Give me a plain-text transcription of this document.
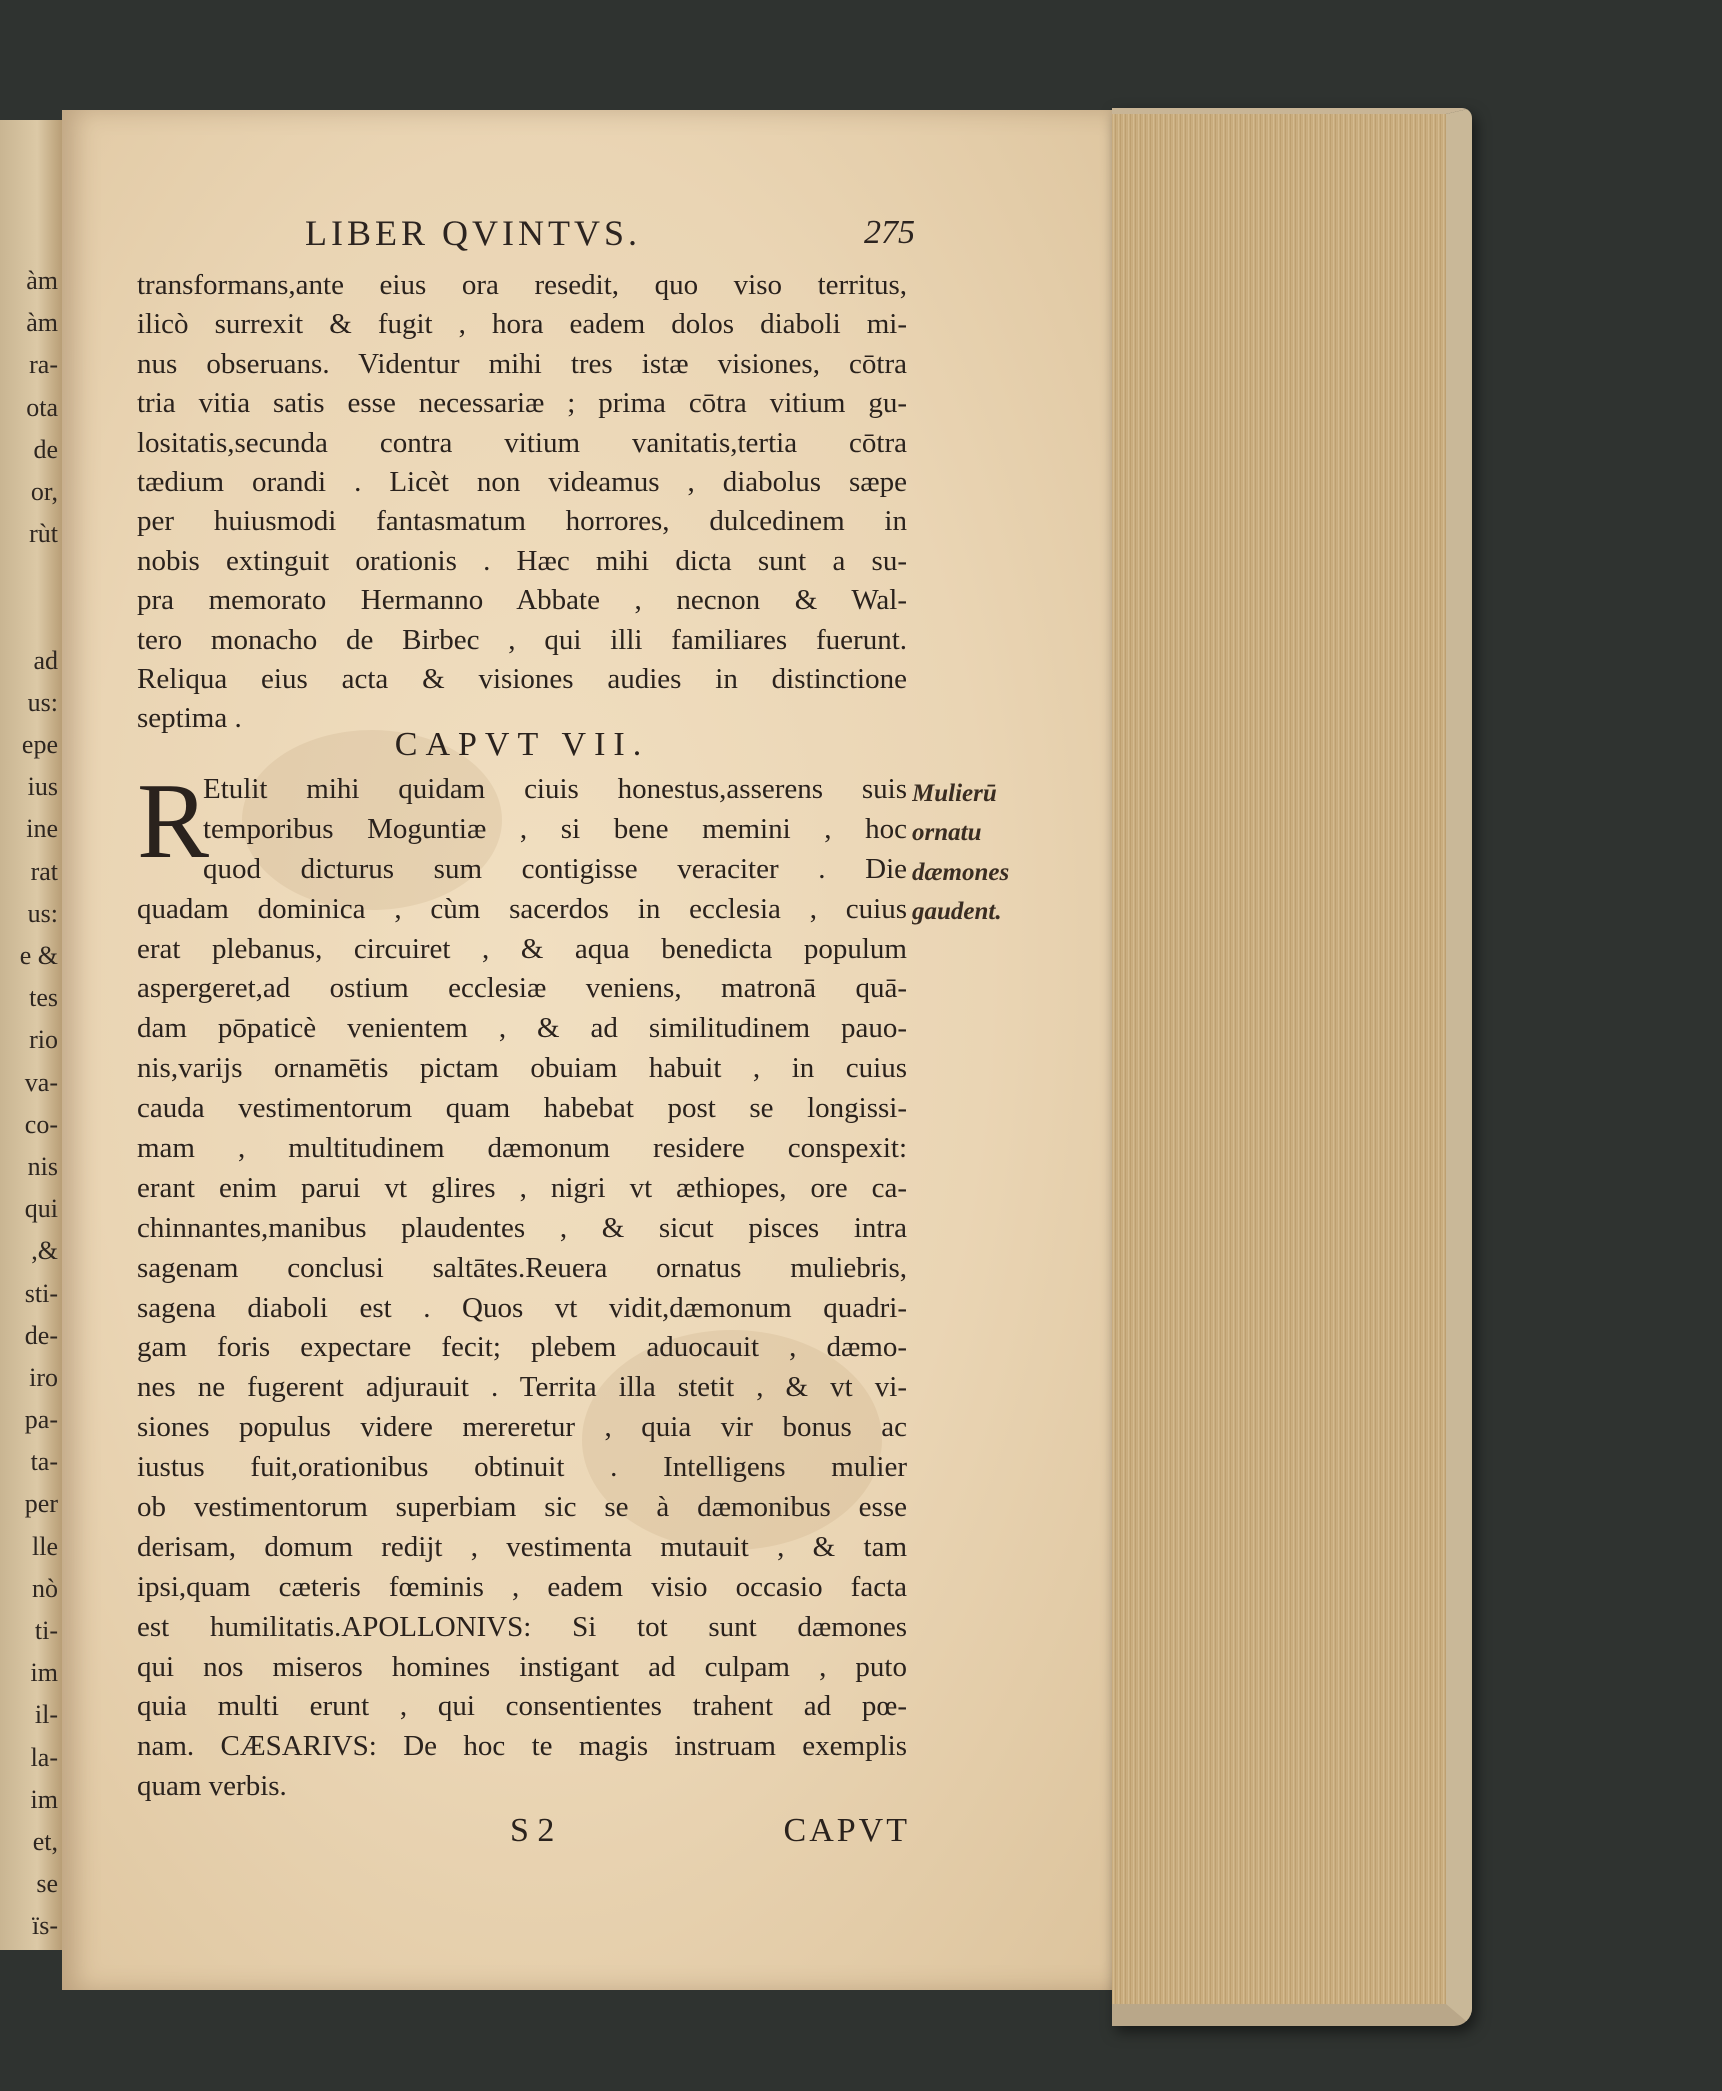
àm
àm
ra-
ota
de
or,
rùt
ad
us:
epe
ius
ine
rat
us:
e &
tes
rio
va-
co-
nis
qui
,&
sti-
de-
iro
pa-
ta-
per
lle
nò
ti-
im
il-
la-
im
et,
se
ïs-
LIBER QVINTVS.	275
transformans,ante eius ora resedit, quo viso territus,
ilicò surrexit & fugit , hora eadem dolos diaboli mi-
nus obseruans. Videntur mihi tres istæ visiones, cōtra
tria vitia satis esse necessariæ ; prima cōtra vitium gu-
lositatis,secunda contra vitium vanitatis,tertia cōtra
tædium orandi . Licèt non videamus , diabolus sæpe
per huiusmodi fantasmatum horrores, dulcedinem in
nobis extinguit orationis . Hæc mihi dicta sunt a su-
pra memorato Hermanno Abbate , necnon & Wal-
tero monacho de Birbec , qui illi familiares fuerunt.
Reliqua eius acta & visiones audies in distinctione
septima .
CAPVT VII.
R
Etulit mihi quidam ciuis honestus,asserens suis
temporibus Moguntiæ , si bene memini , hoc
quod dicturus sum contigisse veraciter . Die
quadam dominica , cùm sacerdos in ecclesia , cuius
erat plebanus, circuiret , & aqua benedicta populum
aspergeret,ad ostium ecclesiæ veniens, matronā quā-
dam pōpaticè venientem , & ad similitudinem pauo-
nis,varijs ornamētis pictam obuiam habuit , in cuius
cauda vestimentorum quam habebat post se longissi-
mam , multitudinem dæmonum residere conspexit:
erant enim parui vt glires , nigri vt æthiopes, ore ca-
chinnantes,manibus plaudentes , & sicut pisces intra
sagenam conclusi saltātes.Reuera ornatus muliebris,
sagena diaboli est . Quos vt vidit,dæmonum quadri-
gam foris expectare fecit; plebem aduocauit , dæmo-
nes ne fugerent adjurauit . Territa illa stetit , & vt vi-
siones populus videre mereretur , quia vir bonus ac
iustus fuit,orationibus obtinuit . Intelligens mulier
ob vestimentorum superbiam sic se à dæmonibus esse
derisam, domum redijt , vestimenta mutauit , & tam
ipsi,quam cæteris fœminis , eadem visio occasio facta
est humilitatis.APOLLONIVS: Si tot sunt dæmones
qui nos miseros homines instigant ad culpam , puto
quia multi erunt , qui consentientes trahent ad pœ-
nam. CÆSARIVS: De hoc te magis instruam exemplis
quam verbis.
Mulierū
ornatu
dæmones
gaudent.
S 2	CAPVT
